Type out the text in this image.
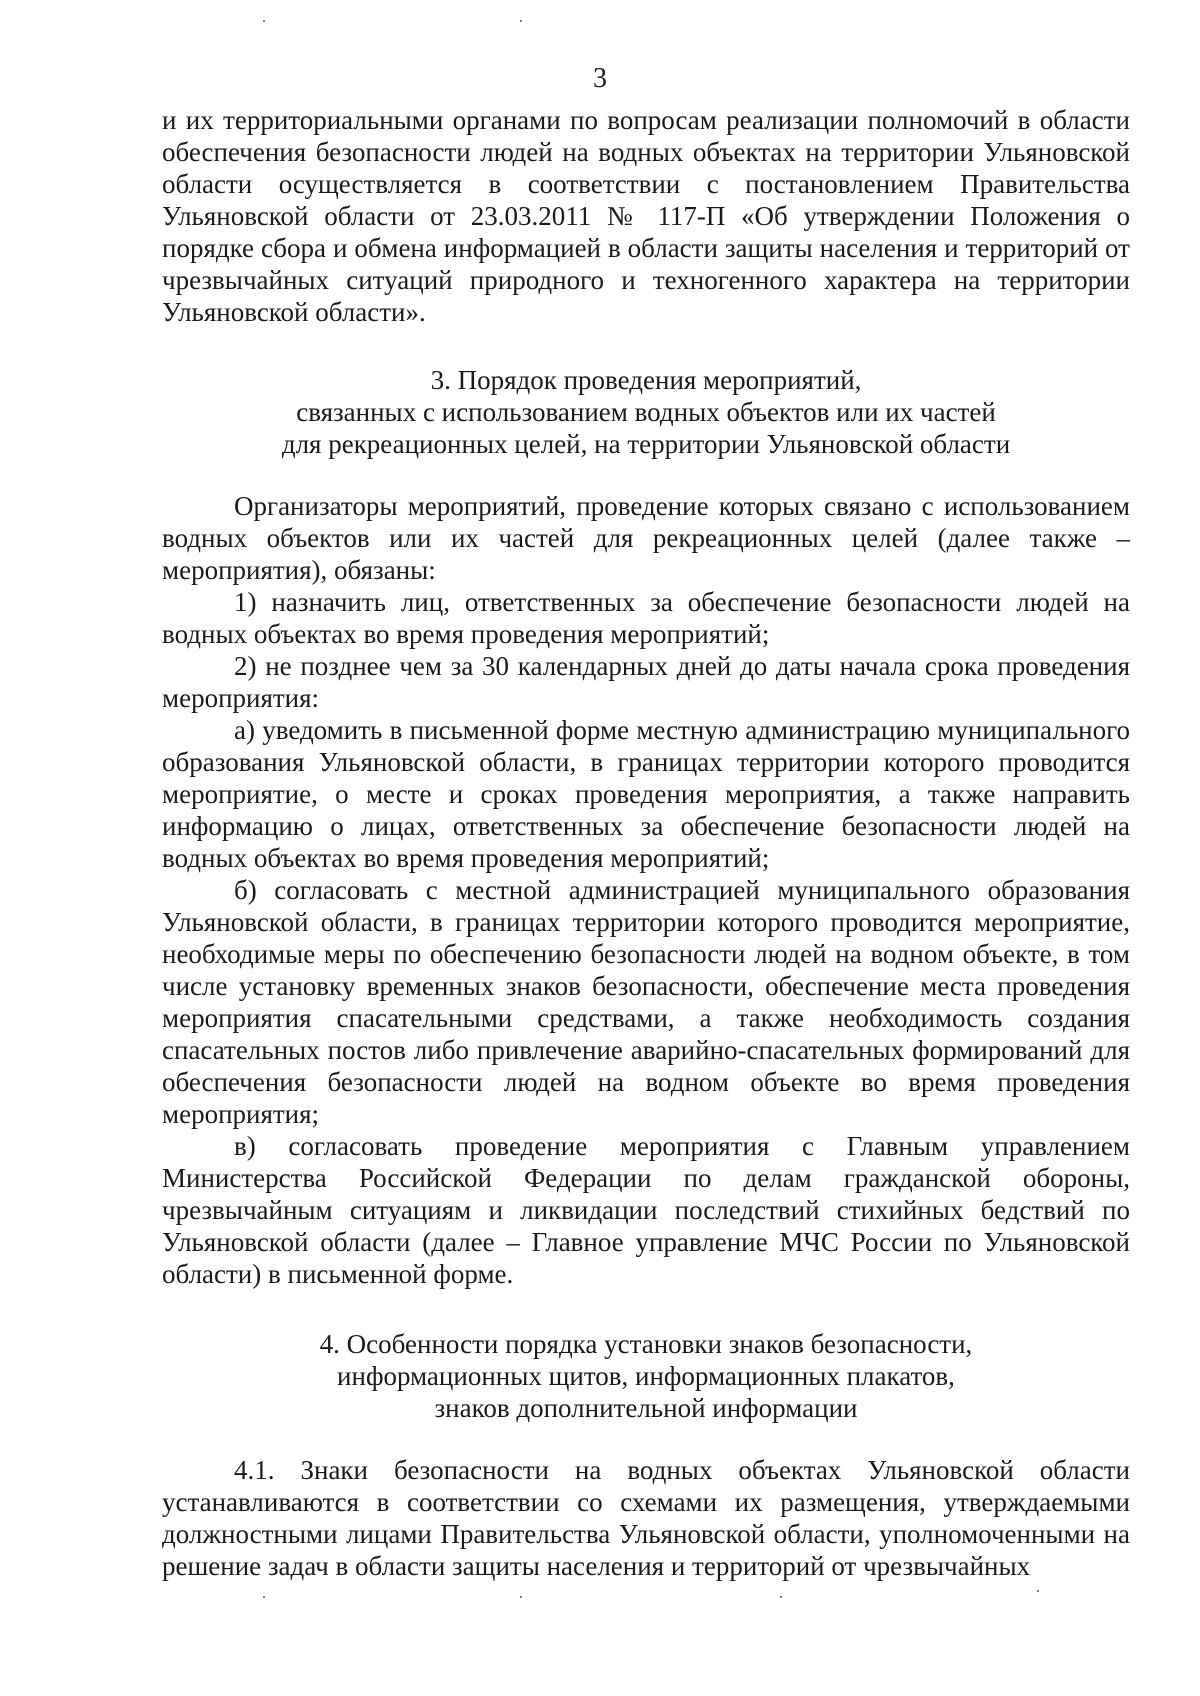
3

и их территориальными органами по вопросам реализации полномочий в области обеспечения безопасности людей на водных объектах на территории Ульяновской области осуществляется в соответствии с постановлением Правительства Ульяновской области от 23.03.2011 № 117-П «Об утверждении Положения о порядке сбора и обмена информацией в области защиты населения и территорий от чрезвычайных ситуаций природного и техногенного характера на территории Ульяновской области».

3. Порядок проведения мероприятий,
связанных с использованием водных объектов или их частей
для рекреационных целей, на территории Ульяновской области

Организаторы мероприятий, проведение которых связано с использованием водных объектов или их частей для рекреационных целей (далее также – мероприятия), обязаны:

1) назначить лиц, ответственных за обеспечение безопасности людей на водных объектах во время проведения мероприятий;

2) не позднее чем за 30 календарных дней до даты начала срока проведения мероприятия:

а) уведомить в письменной форме местную администрацию муниципального образования Ульяновской области, в границах территории которого проводится мероприятие, о месте и сроках проведения мероприятия, а также направить информацию о лицах, ответственных за обеспечение безопасности людей на водных объектах во время проведения мероприятий;

б) согласовать с местной администрацией муниципального образования Ульяновской области, в границах территории которого проводится мероприятие, необходимые меры по обеспечению безопасности людей на водном объекте, в том числе установку временных знаков безопасности, обеспечение места проведения мероприятия спасательными средствами, а также необходимость создания спасательных постов либо привлечение аварийно-спасательных формирований для обеспечения безопасности людей на водном объекте во время проведения мероприятия;

в) согласовать проведение мероприятия с Главным управлением Министерства Российской Федерации по делам гражданской обороны, чрезвычайным ситуациям и ликвидации последствий стихийных бедствий по Ульяновской области (далее – Главное управление МЧС России по Ульяновской области) в письменной форме.

4. Особенности порядка установки знаков безопасности,
информационных щитов, информационных плакатов,
знаков дополнительной информации

4.1. Знаки безопасности на водных объектах Ульяновской области устанавливаются в соответствии со схемами их размещения, утверждаемыми должностными лицами Правительства Ульяновской области, уполномоченными на решение задач в области защиты населения и территорий от чрезвычайных
